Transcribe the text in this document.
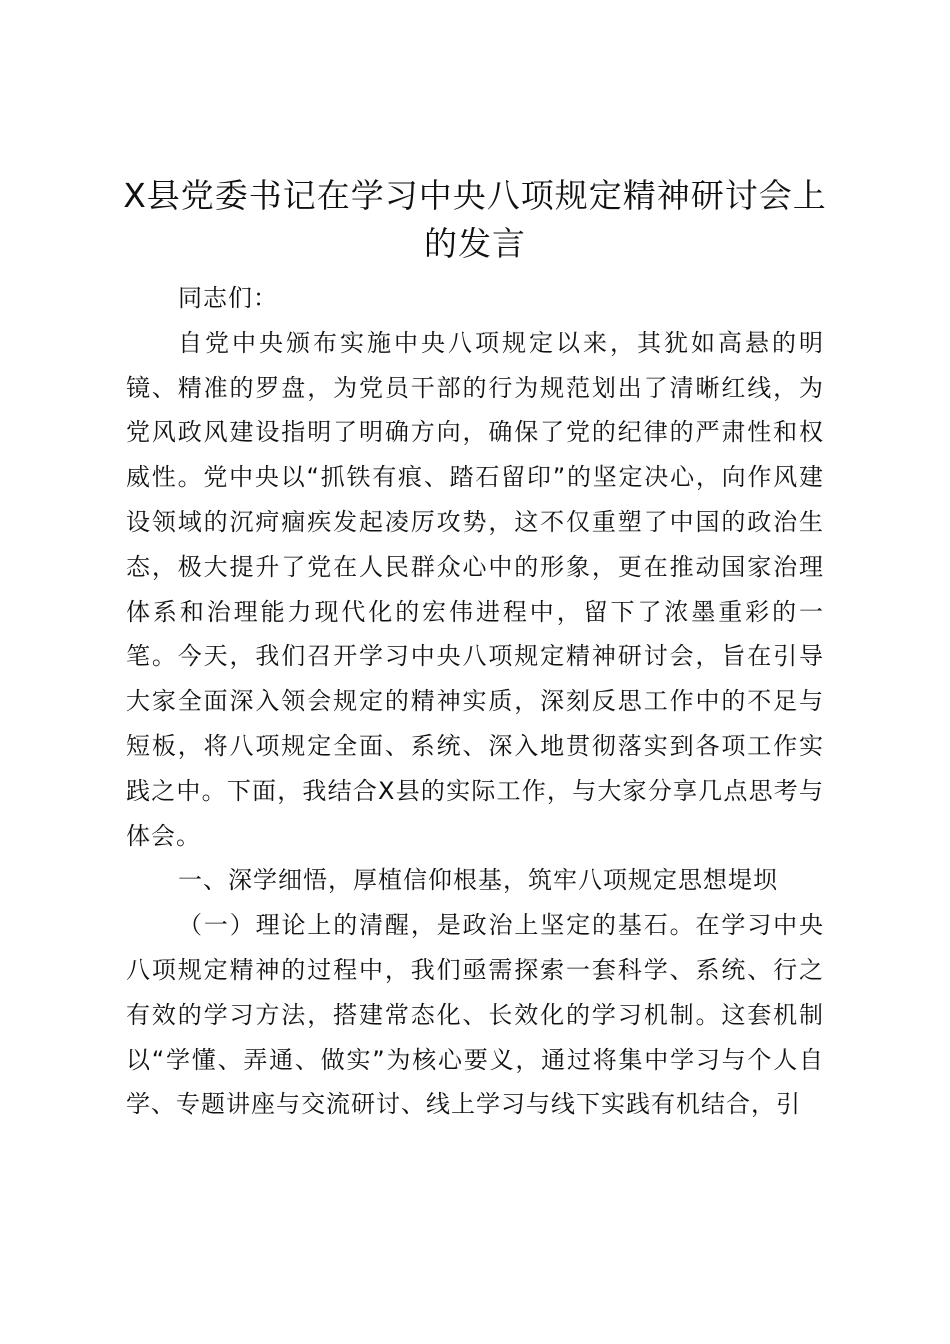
X县党委书记在学习中央八项规定精神研讨会上的发言

同志们：

自党中央颁布实施中央八项规定以来，其犹如高悬的明镜、精准的罗盘，为党员干部的行为规范划出了清晰红线，为党风政风建设指明了明确方向，确保了党的纪律的严肃性和权威性。党中央以“抓铁有痕、踏石留印”的坚定决心，向作风建设领域的沉疴痼疾发起凌厉攻势，这不仅重塑了中国的政治生态，极大提升了党在人民群众心中的形象，更在推动国家治理体系和治理能力现代化的宏伟进程中，留下了浓墨重彩的一笔。今天，我们召开学习中央八项规定精神研讨会，旨在引导大家全面深入领会规定的精神实质，深刻反思工作中的不足与短板，将八项规定全面、系统、深入地贯彻落实到各项工作实践之中。下面，我结合X县的实际工作，与大家分享几点思考与体会。

一、深学细悟，厚植信仰根基，筑牢八项规定思想堤坝

（一）理论上的清醒，是政治上坚定的基石。在学习中央八项规定精神的过程中，我们亟需探索一套科学、系统、行之有效的学习方法，搭建常态化、长效化的学习机制。这套机制以“学懂、弄通、做实”为核心要义，通过将集中学习与个人自学、专题讲座与交流研讨、线上学习与线下实践有机结合，引
